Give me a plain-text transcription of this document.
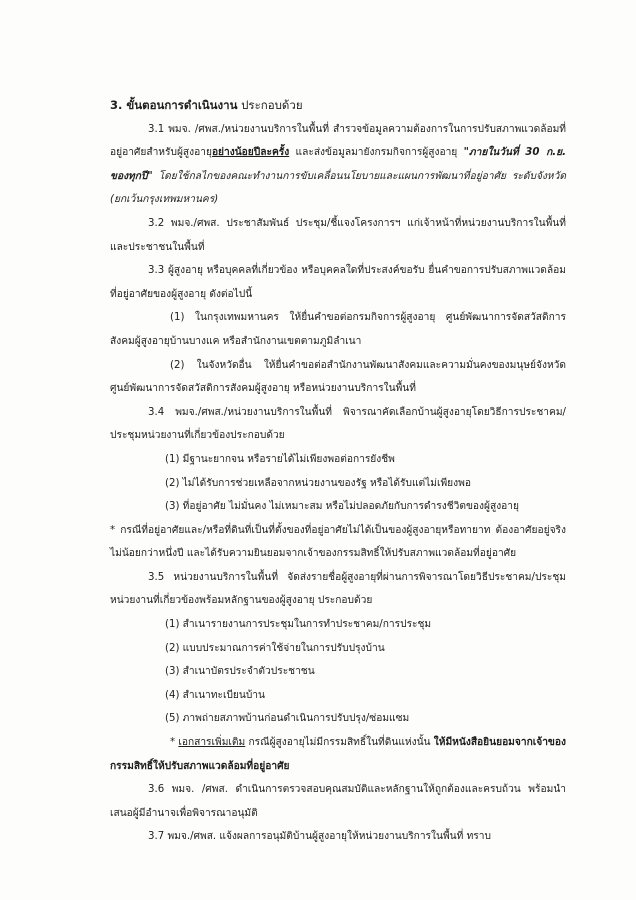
3. ขั้นตอนการดำเนินงาน ประกอบด้วย

3.1 พมจ. /ศพส./หน่วยงานบริการในพื้นที่ สำรวจข้อมูลความต้องการในการปรับสภาพแวดล้อมที่อยู่อาศัยสำหรับผู้สูงอายุอย่างน้อยปีละครั้ง และส่งข้อมูลมายังกรมกิจการผู้สูงอายุ "ภายในวันที่ 30 ก.ย. ของทุกปี" โดยใช้กลไกของคณะทำงานการขับเคลื่อนนโยบายและแผนการพัฒนาที่อยู่อาศัย ระดับจังหวัด (ยกเว้นกรุงเทพมหานคร)

3.2 พมจ./ศพส. ประชาสัมพันธ์ ประชุม/ชี้แจงโครงการฯ แก่เจ้าหน้าที่หน่วยงานบริการในพื้นที่และประชาชนในพื้นที่

3.3 ผู้สูงอายุ หรือบุคคลที่เกี่ยวข้อง หรือบุคคลใดที่ประสงค์ขอรับ ยื่นคำขอการปรับสภาพแวดล้อมที่อยู่อาศัยของผู้สูงอายุ ดังต่อไปนี้

(1) ในกรุงเทพมหานคร ให้ยื่นคำขอต่อกรมกิจการผู้สูงอายุ ศูนย์พัฒนาการจัดสวัสดิการสังคมผู้สูงอายุบ้านบางแค หรือสำนักงานเขตตามภูมิลำเนา

(2) ในจังหวัดอื่น ให้ยื่นคำขอต่อสำนักงานพัฒนาสังคมและความมั่นคงของมนุษย์จังหวัด ศูนย์พัฒนาการจัดสวัสดิการสังคมผู้สูงอายุ หรือหน่วยงานบริการในพื้นที่

3.4 พมจ./ศพส./หน่วยงานบริการในพื้นที่ พิจารณาคัดเลือกบ้านผู้สูงอายุโดยวิธีการประชาคม/ประชุมหน่วยงานที่เกี่ยวข้องประกอบด้วย

(1) มีฐานะยากจน หรือรายได้ไม่เพียงพอต่อการยังชีพ

(2) ไม่ได้รับการช่วยเหลือจากหน่วยงานของรัฐ หรือได้รับแต่ไม่เพียงพอ

(3) ที่อยู่อาศัย ไม่มั่นคง ไม่เหมาะสม หรือไม่ปลอดภัยกับการดำรงชีวิตของผู้สูงอายุ

* กรณีที่อยู่อาศัยและ/หรือที่ดินที่เป็นที่ตั้งของที่อยู่อาศัยไม่ได้เป็นของผู้สูงอายุหรือทายาท ต้องอาศัยอยู่จริงไม่น้อยกว่าหนึ่งปี และได้รับความยินยอมจากเจ้าของกรรมสิทธิ์ให้ปรับสภาพแวดล้อมที่อยู่อาศัย

3.5 หน่วยงานบริการในพื้นที่ จัดส่งรายชื่อผู้สูงอายุที่ผ่านการพิจารณาโดยวิธีประชาคม/ประชุมหน่วยงานที่เกี่ยวข้องพร้อมหลักฐานของผู้สูงอายุ ประกอบด้วย

(1) สำเนารายงานการประชุมในการทำประชาคม/การประชุม

(2) แบบประมาณการค่าใช้จ่ายในการปรับปรุงบ้าน

(3) สำเนาบัตรประจำตัวประชาชน

(4) สำเนาทะเบียนบ้าน

(5) ภาพถ่ายสภาพบ้านก่อนดำเนินการปรับปรุง/ซ่อมแซม

* เอกสารเพิ่มเติม กรณีผู้สูงอายุไม่มีกรรมสิทธิ์ในที่ดินแห่งนั้น ให้มีหนังสือยินยอมจากเจ้าของกรรมสิทธิ์ให้ปรับสภาพแวดล้อมที่อยู่อาศัย

3.6 พมจ. /ศพส. ดำเนินการตรวจสอบคุณสมบัติและหลักฐานให้ถูกต้องและครบถ้วน พร้อมนำเสนอผู้มีอำนาจเพื่อพิจารณาอนุมัติ

3.7 พมจ./ศพส. แจ้งผลการอนุมัติบ้านผู้สูงอายุให้หน่วยงานบริการในพื้นที่ ทราบ
